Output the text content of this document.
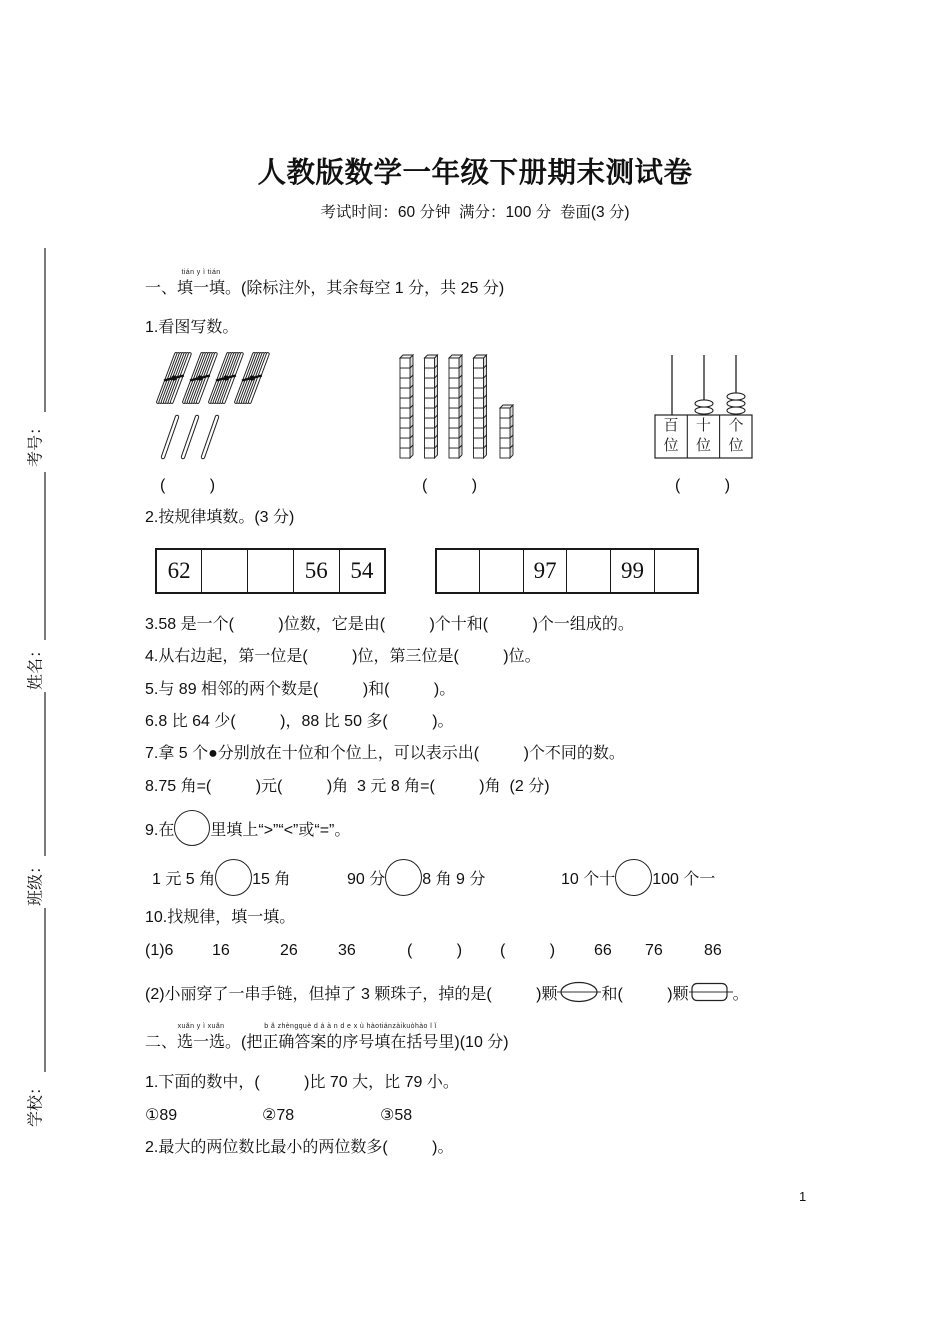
考号：
姓名：
班级：
学校：
人教版数学一年级下册期末测试卷
考试时间：60 分钟  满分：100 分  卷面(3 分)
一、
tián y ì tián
填一填。(除标注外，其余每空 1 分，共 25 分)
1.看图写数。
百
位
十
位
个
位
(          )	(          )	(          )
2.按规律填数。(3 分)
62			56	54
			97		99	
3.58 是一个(          )位数，它是由(          )个十和(          )个一组成的。
4.从右边起，第一位是(          )位，第三位是(          )位。
5.与 89 相邻的两个数是(          )和(          )。
6.8 比 64 少(          )，88 比 50 多(          )。
7.拿 5 个●分别放在十位和个位上，可以表示出(          )个不同的数。
8.75 角=(          )元(          )角  3 元 8 角=(          )角  (2 分)
9.在 里填上“>”“<”或“=”。
1 元 5 角 15 角	90 分 8 角 9 分	10 个十 100 个一
10.找规律，填一填。
(1)6 16	26	36	(          ) (          ) 66 76	86
(2)小丽穿了一串手链，但掉了 3 颗珠子，掉的是(          )颗	和(          )颗	。
二、
xuǎn y ì xuǎn
选一选。(
b ǎ zhèngquè d á à n d e x ù hàotiánzàikuòhào l ǐ
把正确答案的序号填在括号里)(10 分)
1.下面的数中，(          )比 70 大，比 79 小。
①89	②78	③58
2.最大的两位数比最小的两位数多(          )。
1
